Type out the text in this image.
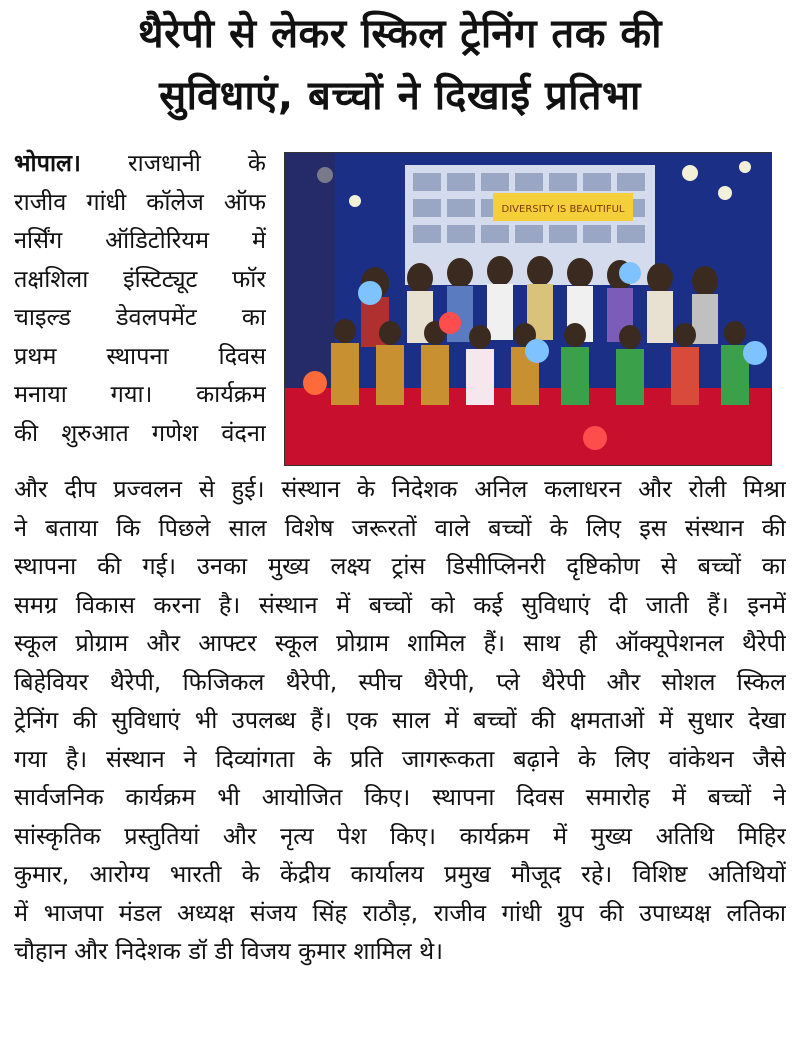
थैरेपी से लेकर स्किल ट्रेनिंग तक की
सुविधाएं, बच्चों ने दिखाई प्रतिभा
भोपाल। राजधानी के
राजीव गांधी कॉलेज ऑफ
नर्सिंग ऑडिटोरियम में
तक्षशिला इंस्टिट्यूट फॉर
चाइल्ड डेवलपमेंट का
प्रथम स्थापना दिवस
मनाया गया। कार्यक्रम
की शुरुआत गणेश वंदना
DIVERSITY IS BEAUTIFUL
और दीप प्रज्वलन से हुई। संस्थान के निदेशक अनिल कलाधरन और रोली मिश्रा
ने बताया कि पिछले साल विशेष जरूरतों वाले बच्चों के लिए इस संस्थान की
स्थापना की गई। उनका मुख्य लक्ष्य ट्रांस डिसीप्लिनरी दृष्टिकोण से बच्चों का
समग्र विकास करना है। संस्थान में बच्चों को कई सुविधाएं दी जाती हैं। इनमें
स्कूल प्रोग्राम और आफ्टर स्कूल प्रोग्राम शामिल हैं। साथ ही ऑक्यूपेशनल थैरेपी
बिहेवियर थैरेपी, फिजिकल थैरेपी, स्पीच थैरेपी, प्ले थैरेपी और सोशल स्किल
ट्रेनिंग की सुविधाएं भी उपलब्ध हैं। एक साल में बच्चों की क्षमताओं में सुधार देखा
गया है। संस्थान ने दिव्यांगता के प्रति जागरूकता बढ़ाने के लिए वांकेथन जैसे
सार्वजनिक कार्यक्रम भी आयोजित किए। स्थापना दिवस समारोह में बच्चों ने
सांस्कृतिक प्रस्तुतियां और नृत्य पेश किए। कार्यक्रम में मुख्य अतिथि मिहिर
कुमार, आरोग्य भारती के केंद्रीय कार्यालय प्रमुख मौजूद रहे। विशिष्ट अतिथियों
में भाजपा मंडल अध्यक्ष संजय सिंह राठौड़, राजीव गांधी ग्रुप की उपाध्यक्ष लतिका
चौहान और निदेशक डॉ डी विजय कुमार शामिल थे।
